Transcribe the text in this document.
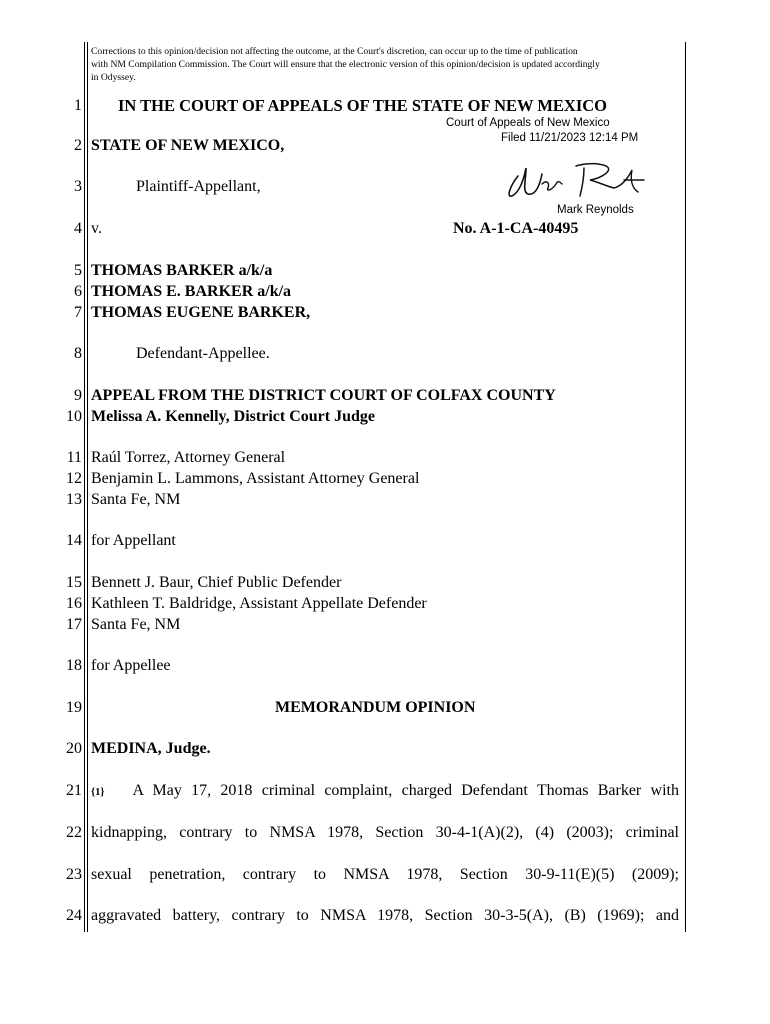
Corrections to this opinion/decision not affecting the outcome, at the Court's discretion, can occur up to the time of publication
with NM Compilation Commission. The Court will ensure that the electronic version of this opinion/decision is updated accordingly
in Odyssey.
1
2
3
4
5
6
7
8
9
10
11
12
13
14
15
16
17
18
19
20
21
22
23
24
IN THE COURT OF APPEALS OF THE STATE OF NEW MEXICO
Court of Appeals of New Mexico
Filed 11/21/2023 12:14 PM
Mark Reynolds
STATE OF NEW MEXICO,
Plaintiff-Appellant,
v.	No. A-1-CA-40495
THOMAS BARKER a/k/a
THOMAS E. BARKER a/k/a
THOMAS EUGENE BARKER,
Defendant-Appellee.
APPEAL FROM THE DISTRICT COURT OF COLFAX COUNTY
Melissa A. Kennelly, District Court Judge
Raúl Torrez, Attorney General
Benjamin L. Lammons, Assistant Attorney General
Santa Fe, NM
for Appellant
Bennett J. Baur, Chief Public Defender
Kathleen T. Baldridge, Assistant Appellate Defender
Santa Fe, NM
for Appellee
MEMORANDUM OPINION
MEDINA, Judge.
{1} A May 17, 2018 criminal complaint, charged Defendant Thomas Barker with
kidnapping, contrary to NMSA 1978, Section 30-4-1(A)(2), (4) (2003); criminal
sexual penetration, contrary to NMSA 1978, Section 30-9-11(E)(5) (2009);
aggravated battery, contrary to NMSA 1978, Section 30-3-5(A), (B) (1969); and
